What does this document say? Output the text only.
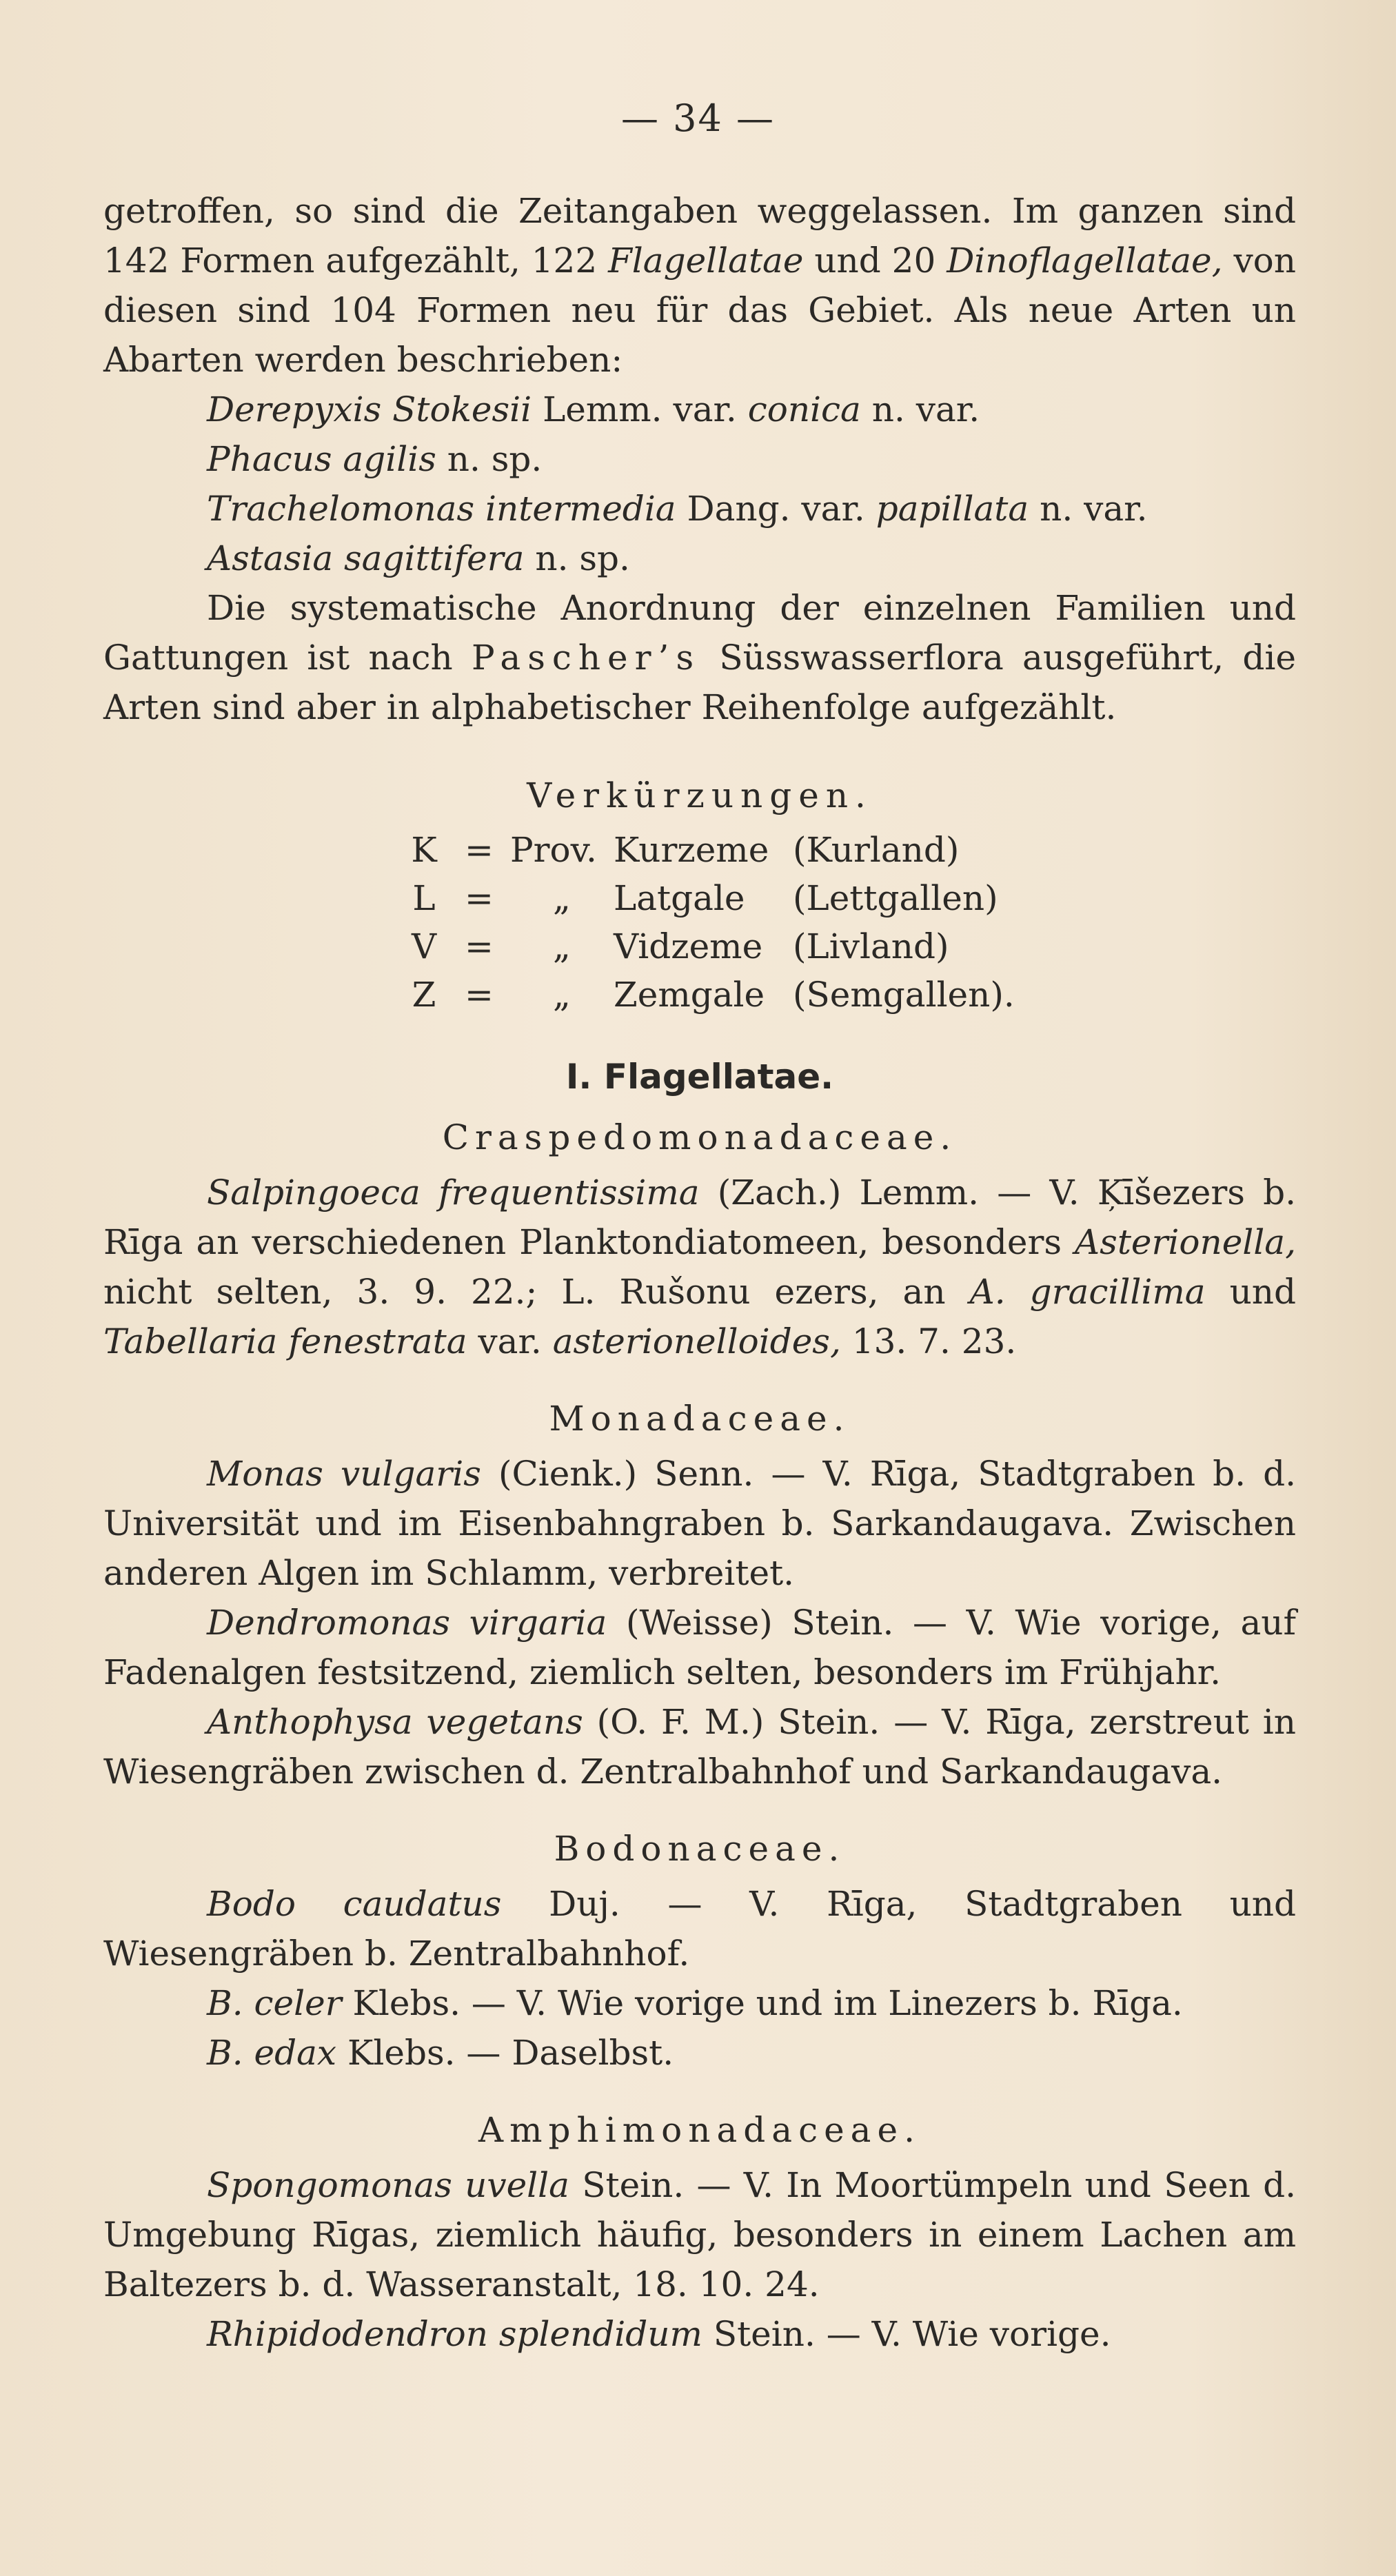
— 34 —

getroffen, so sind die Zeitangaben weggelassen. Im ganzen sind 142 Formen aufgezählt, 122 Flagellatae und 20 Dinoflagellatae, von diesen sind 104 Formen neu für das Gebiet. Als neue Arten un Abarten werden beschrieben:

Derepyxis Stokesii Lemm. var. conica n. var.

Phacus agilis n. sp.

Trachelomonas intermedia Dang. var. papillata n. var.

Astasia sagittifera n. sp.

Die systematische Anordnung der einzelnen Familien und Gattungen ist nach Pascher’s Süsswasserflora ausgeführt, die Arten sind aber in alphabetischer Reihenfolge aufgezählt.

Verkürzungen.
K	=	Prov.	Kurzeme	(Kurland)
L	=	„	Latgale	(Lettgallen)
V	=	„	Vidzeme	(Livland)
Z	=	„	Zemgale	(Semgallen).
I. Flagellatae.
Craspedomonadaceae.

Salpingoeca frequentissima (Zach.) Lemm. — V. Ķīšezers b. Rīga an verschiedenen Planktondiatomeen, besonders Asterionella, nicht selten, 3. 9. 22.; L. Rušonu ezers, an A. gracillima und Tabellaria fenestrata var. asterionelloides, 13. 7. 23.

Monadaceae.

Monas vulgaris (Cienk.) Senn. — V. Rīga, Stadtgraben b. d. Universität und im Eisenbahngraben b. Sarkandaugava. Zwischen anderen Algen im Schlamm, verbreitet.

Dendromonas virgaria (Weisse) Stein. — V. Wie vorige, auf Fadenalgen festsitzend, ziemlich selten, besonders im Frühjahr.

Anthophysa vegetans (O. F. M.) Stein. — V. Rīga, zerstreut in Wiesengräben zwischen d. Zentralbahnhof und Sarkandaugava.

Bodonaceae.

Bodo caudatus Duj. — V. Rīga, Stadtgraben und Wiesengräben b. Zentralbahnhof.

B. celer Klebs. — V. Wie vorige und im Linezers b. Rīga.

B. edax Klebs. — Daselbst.

Amphimonadaceae.

Spongomonas uvella Stein. — V. In Moortümpeln und Seen d. Umgebung Rīgas, ziemlich häufig, besonders in einem Lachen am Baltezers b. d. Wasseranstalt, 18. 10. 24.

Rhipidodendron splendidum Stein. — V. Wie vorige.
